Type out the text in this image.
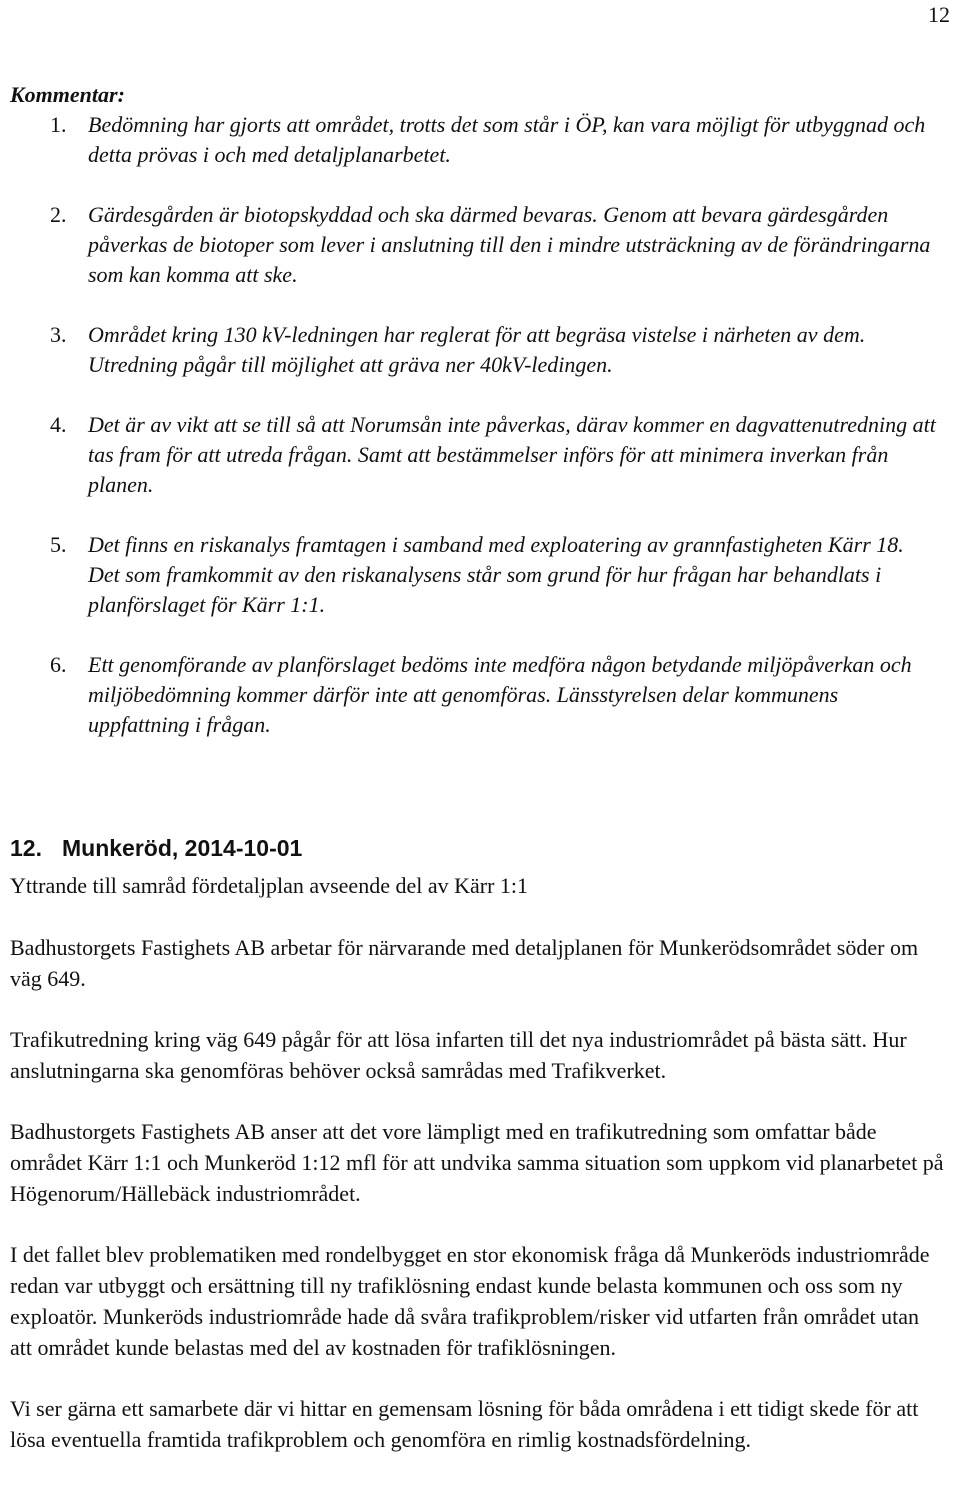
12
Kommentar:
1. Bedömning har gjorts att området, trotts det som står i ÖP, kan vara möjligt för utbyggnad och detta prövas i och med detaljplanarbetet.
2. Gärdesgården är biotopskyddad och ska därmed bevaras. Genom att bevara gärdesgården påverkas de biotoper som lever i anslutning till den i mindre utsträckning av de förändringarna som kan komma att ske.
3. Området kring 130 kV-ledningen har reglerat för att begräsa vistelse i närheten av dem. Utredning pågår till möjlighet att gräva ner 40kV-ledingen.
4. Det är av vikt att se till så att Norumsån inte påverkas, därav kommer en dagvattenutredning att tas fram för att utreda frågan. Samt att bestämmelser införs för att minimera inverkan från planen.
5. Det finns en riskanalys framtagen i samband med exploatering av grannfastigheten Kärr 18. Det som framkommit av den riskanalysens står som grund för hur frågan har behandlats i planförslaget för Kärr 1:1.
6. Ett genomförande av planförslaget bedöms inte medföra någon betydande miljöpåverkan och miljöbedömning kommer därför inte att genomföras. Länsstyrelsen delar kommunens uppfattning i frågan.
12. Munkeröd, 2014-10-01

Yttrande till samråd fördetaljplan avseende del av Kärr 1:1

Badhustorgets Fastighets AB arbetar för närvarande med detaljplanen för Munkerödsområdet söder om väg 649.

Trafikutredning kring väg 649 pågår för att lösa infarten till det nya industriområdet på bästa sätt. Hur anslutningarna ska genomföras behöver också samrådas med Trafikverket.

Badhustorgets Fastighets AB anser att det vore lämpligt med en trafikutredning som omfattar både området Kärr 1:1 och Munkeröd 1:12 mfl för att undvika samma situation som uppkom vid planarbetet på Högenorum/Hällebäck industriområdet.

I det fallet blev problematiken med rondelbygget en stor ekonomisk fråga då Munkeröds industriområde redan var utbyggt och ersättning till ny trafiklösning endast kunde belasta kommunen och oss som ny exploatör. Munkeröds industriområde hade då svåra trafikproblem/risker vid utfarten från området utan att området kunde belastas med del av kostnaden för trafiklösningen.

Vi ser gärna ett samarbete där vi hittar en gemensam lösning för båda områdena i ett tidigt skede för att lösa eventuella framtida trafikproblem och genomföra en rimlig kostnadsfördelning.
